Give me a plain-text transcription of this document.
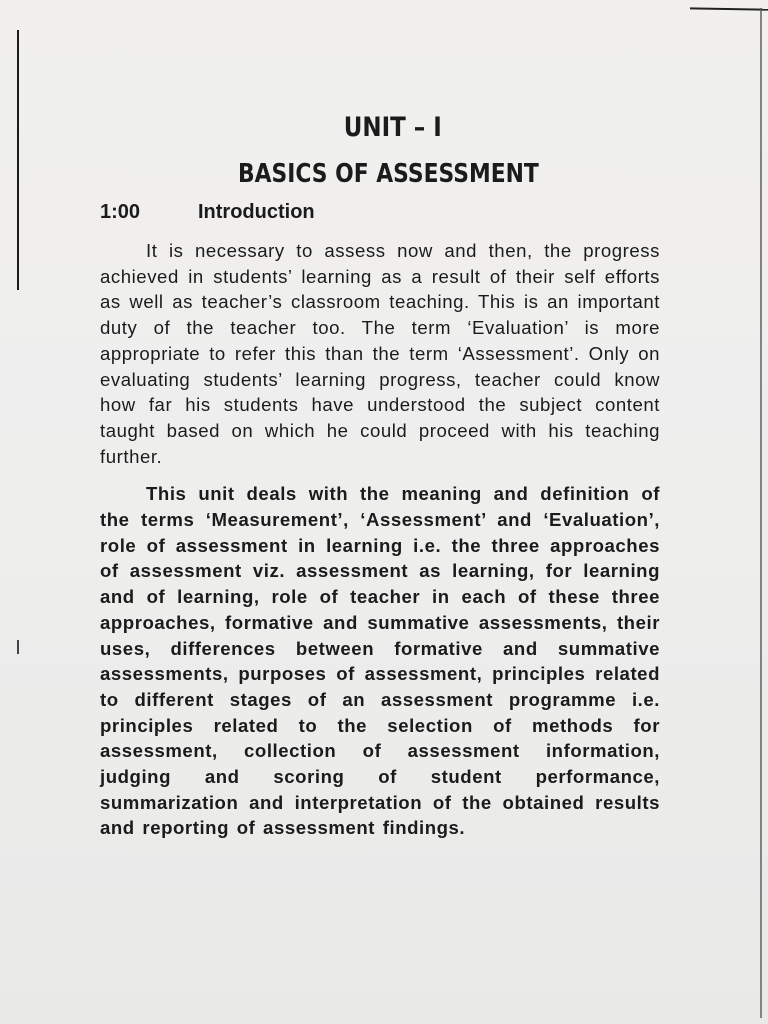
UNIT – I
BASICS OF ASSESSMENT
1:00	Introduction

It is necessary to assess now and then, the progress achieved in students’ learning as a result of their self efforts as well as teacher’s classroom teaching. This is an important duty of the teacher too. The term ‘Evaluation’ is more appropriate to refer this than the term ‘Assessment’. Only on evaluating students’ learning progress, teacher could know how far his students have understood the subject content taught based on which he could proceed with his teaching further.

This unit deals with the meaning and definition of the terms ‘Measurement’, ‘Assessment’ and ‘Evaluation’, role of assessment in learning i.e. the three approaches of assessment viz. assessment as learning, for learning and of learning, role of teacher in each of these three approaches, formative and summative assessments, their uses, differences between formative and summative assessments, purposes of assessment, principles related to different stages of an assessment programme i.e. principles related to the selection of methods for assessment, collection of assessment information, judging and scoring of student performance, summarization and interpretation of the obtained results and reporting of assessment findings.
